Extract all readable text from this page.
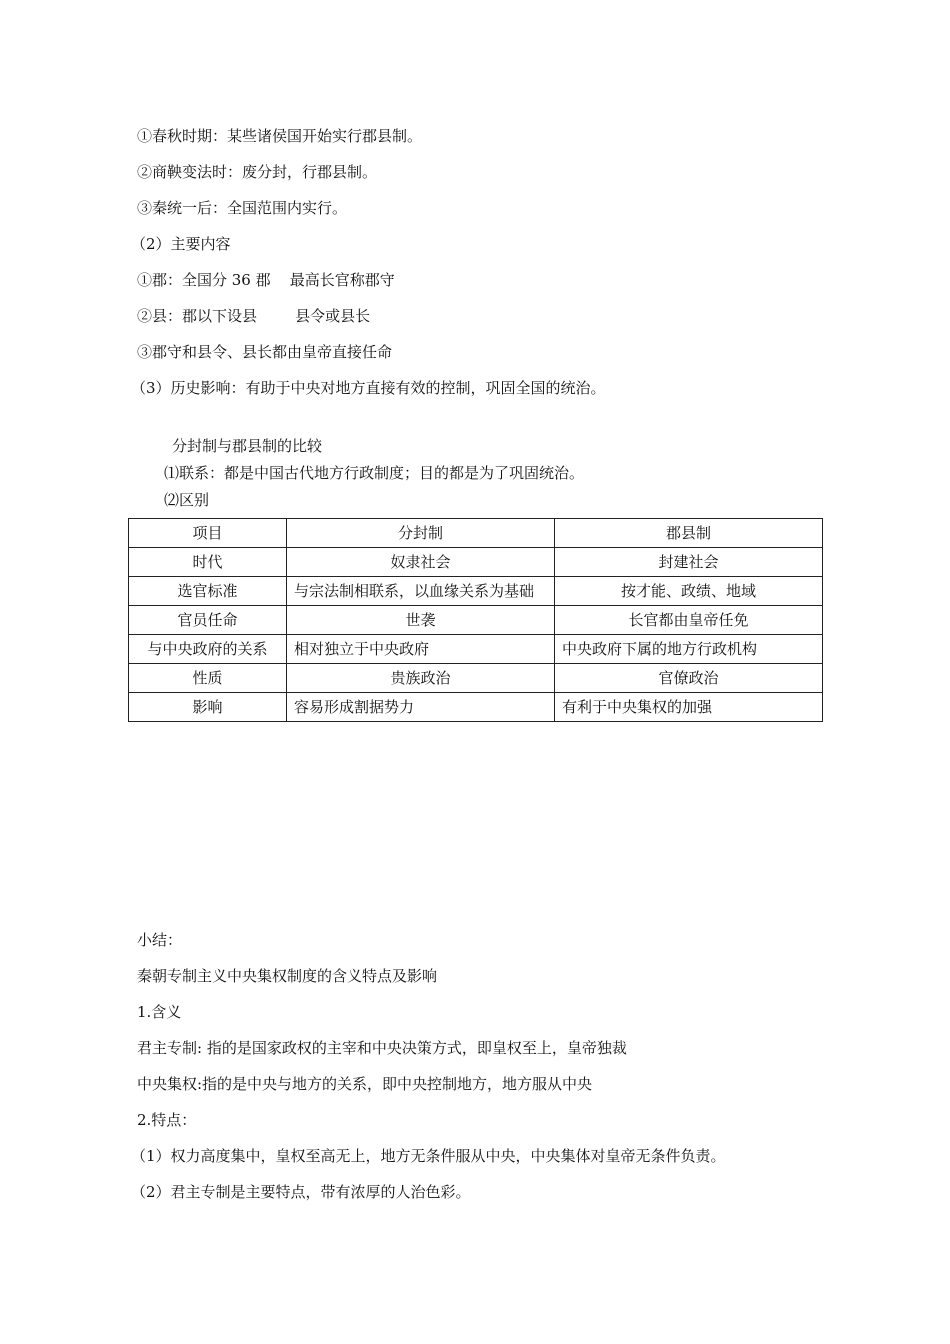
①春秋时期：某些诸侯国开始实行郡县制。
②商鞅变法时：废分封，行郡县制。
③秦统一后：全国范围内实行。
（2）主要内容
①郡：全国分 36 郡    最高长官称郡守
②县：郡以下设县        县令或县长
③郡守和县令、县长都由皇帝直接任命
（3）历史影响：有助于中央对地方直接有效的控制，巩固全国的统治。
分封制与郡县制的比较
⑴联系：都是中国古代地方行政制度；目的都是为了巩固统治。
⑵区别
项目	分封制	郡县制
时代	奴隶社会	封建社会
选官标准	与宗法制相联系，以血缘关系为基础	按才能、政绩、地域
官员任命	世袭	长官都由皇帝任免
与中央政府的关系	相对独立于中央政府	中央政府下属的地方行政机构
性质	贵族政治	官僚政治
影响	容易形成割据势力	有利于中央集权的加强
小结：
秦朝专制主义中央集权制度的含义特点及影响
1.含义
君主专制: 指的是国家政权的主宰和中央决策方式，即皇权至上，皇帝独裁
中央集权:指的是中央与地方的关系，即中央控制地方，地方服从中央
2.特点：
（1）权力高度集中，皇权至高无上，地方无条件服从中央，中央集体对皇帝无条件负责。
（2）君主专制是主要特点，带有浓厚的人治色彩。
